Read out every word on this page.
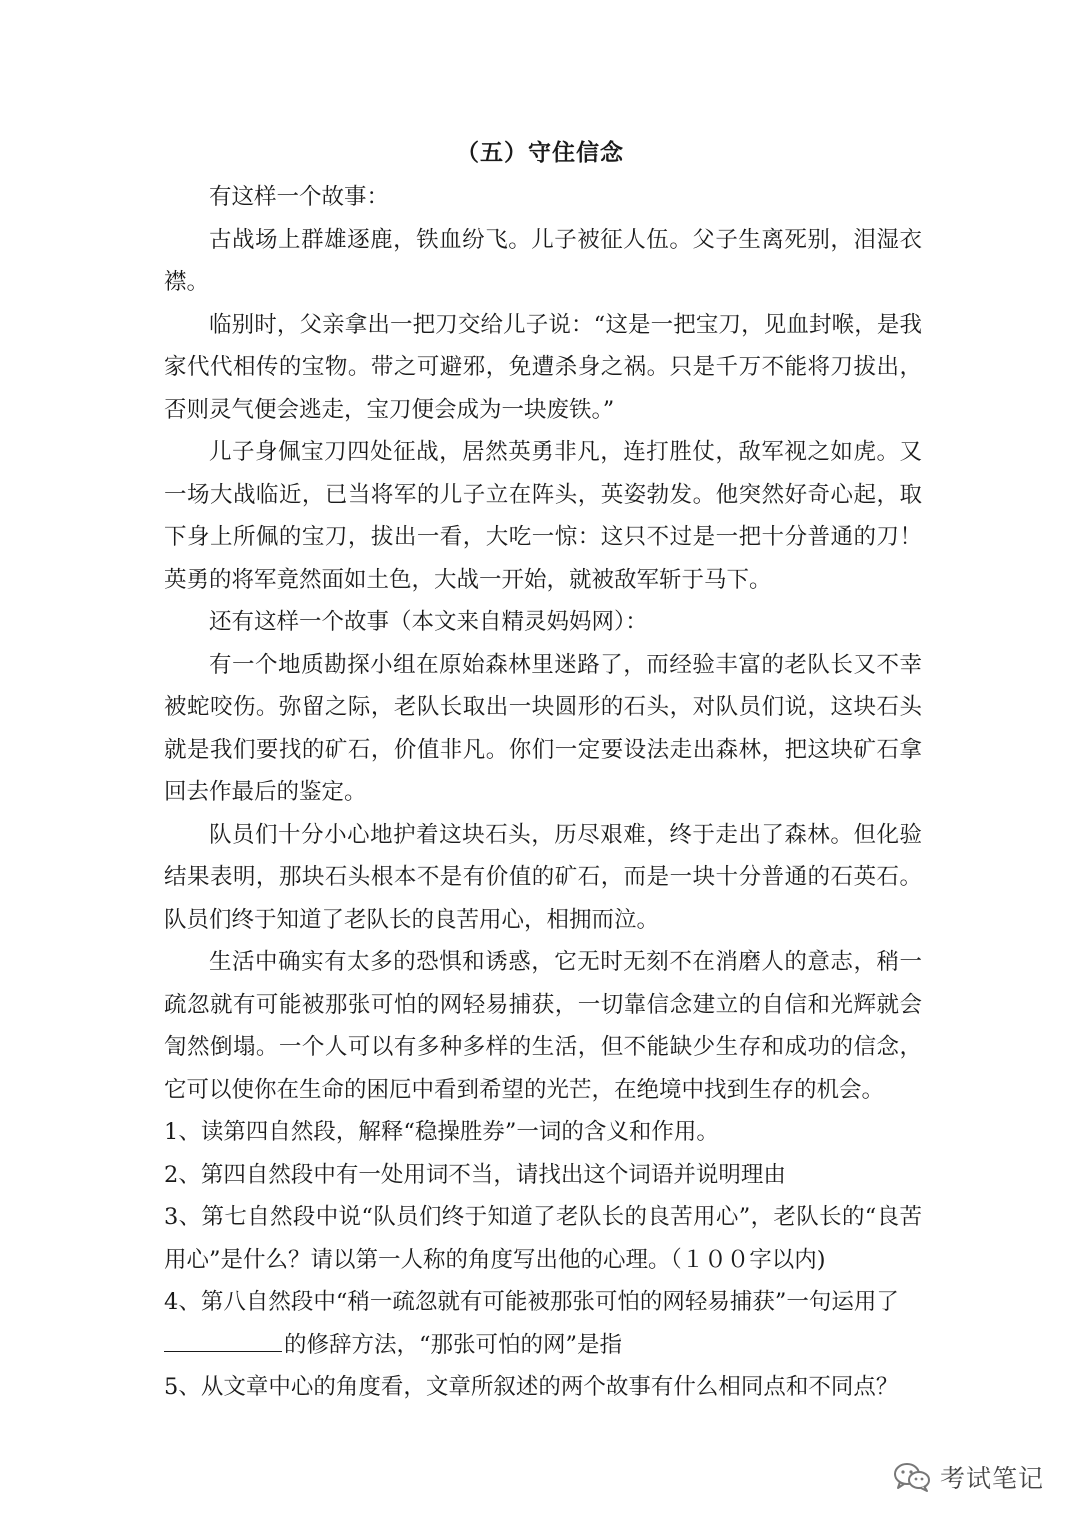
（五）守住信念

有这样一个故事：

古战场上群雄逐鹿，铁血纷飞。儿子被征人伍。父子生离死别，泪湿衣襟。

临别时，父亲拿出一把刀交给儿子说：“这是一把宝刀，见血封喉，是我家代代相传的宝物。带之可避邪，免遭杀身之祸。只是千万不能将刀拔出，否则灵气便会逃走，宝刀便会成为一块废铁。”

儿子身佩宝刀四处征战，居然英勇非凡，连打胜仗，敌军视之如虎。又一场大战临近，已当将军的儿子立在阵头，英姿勃发。他突然好奇心起，取下身上所佩的宝刀，拔出一看，大吃一惊：这只不过是一把十分普通的刀！英勇的将军竟然面如土色，大战一开始，就被敌军斩于马下。

还有这样一个故事（本文来自精灵妈妈网）：

有一个地质勘探小组在原始森林里迷路了，而经验丰富的老队长又不幸被蛇咬伤。弥留之际，老队长取出一块圆形的石头，对队员们说，这块石头就是我们要找的矿石，价值非凡。你们一定要设法走出森林，把这块矿石拿回去作最后的鉴定。

队员们十分小心地护着这块石头，历尽艰难，终于走出了森林。但化验结果表明，那块石头根本不是有价值的矿石，而是一块十分普通的石英石。队员们终于知道了老队长的良苦用心，相拥而泣。

生活中确实有太多的恐惧和诱惑，它无时无刻不在消磨人的意志，稍一疏忽就有可能被那张可怕的网轻易捕获，一切靠信念建立的自信和光辉就会訇然倒塌。一个人可以有多种多样的生活，但不能缺少生存和成功的信念，它可以使你在生命的困厄中看到希望的光芒，在绝境中找到生存的机会。

1、读第四自然段，解释“稳操胜券”一词的含义和作用。

2、第四自然段中有一处用词不当，请找出这个词语并说明理由

3、第七自然段中说“队员们终于知道了老队长的良苦用心”，老队长的“良苦用心”是什么？请以第一人称的角度写出他的心理。（１００字以内)

4、第八自然段中“稍一疏忽就有可能被那张可怕的网轻易捕获”一句运用了
的修辞方法，“那张可怕的网”是指

5、从文章中心的角度看，文章所叙述的两个故事有什么相同点和不同点？

考试笔记
